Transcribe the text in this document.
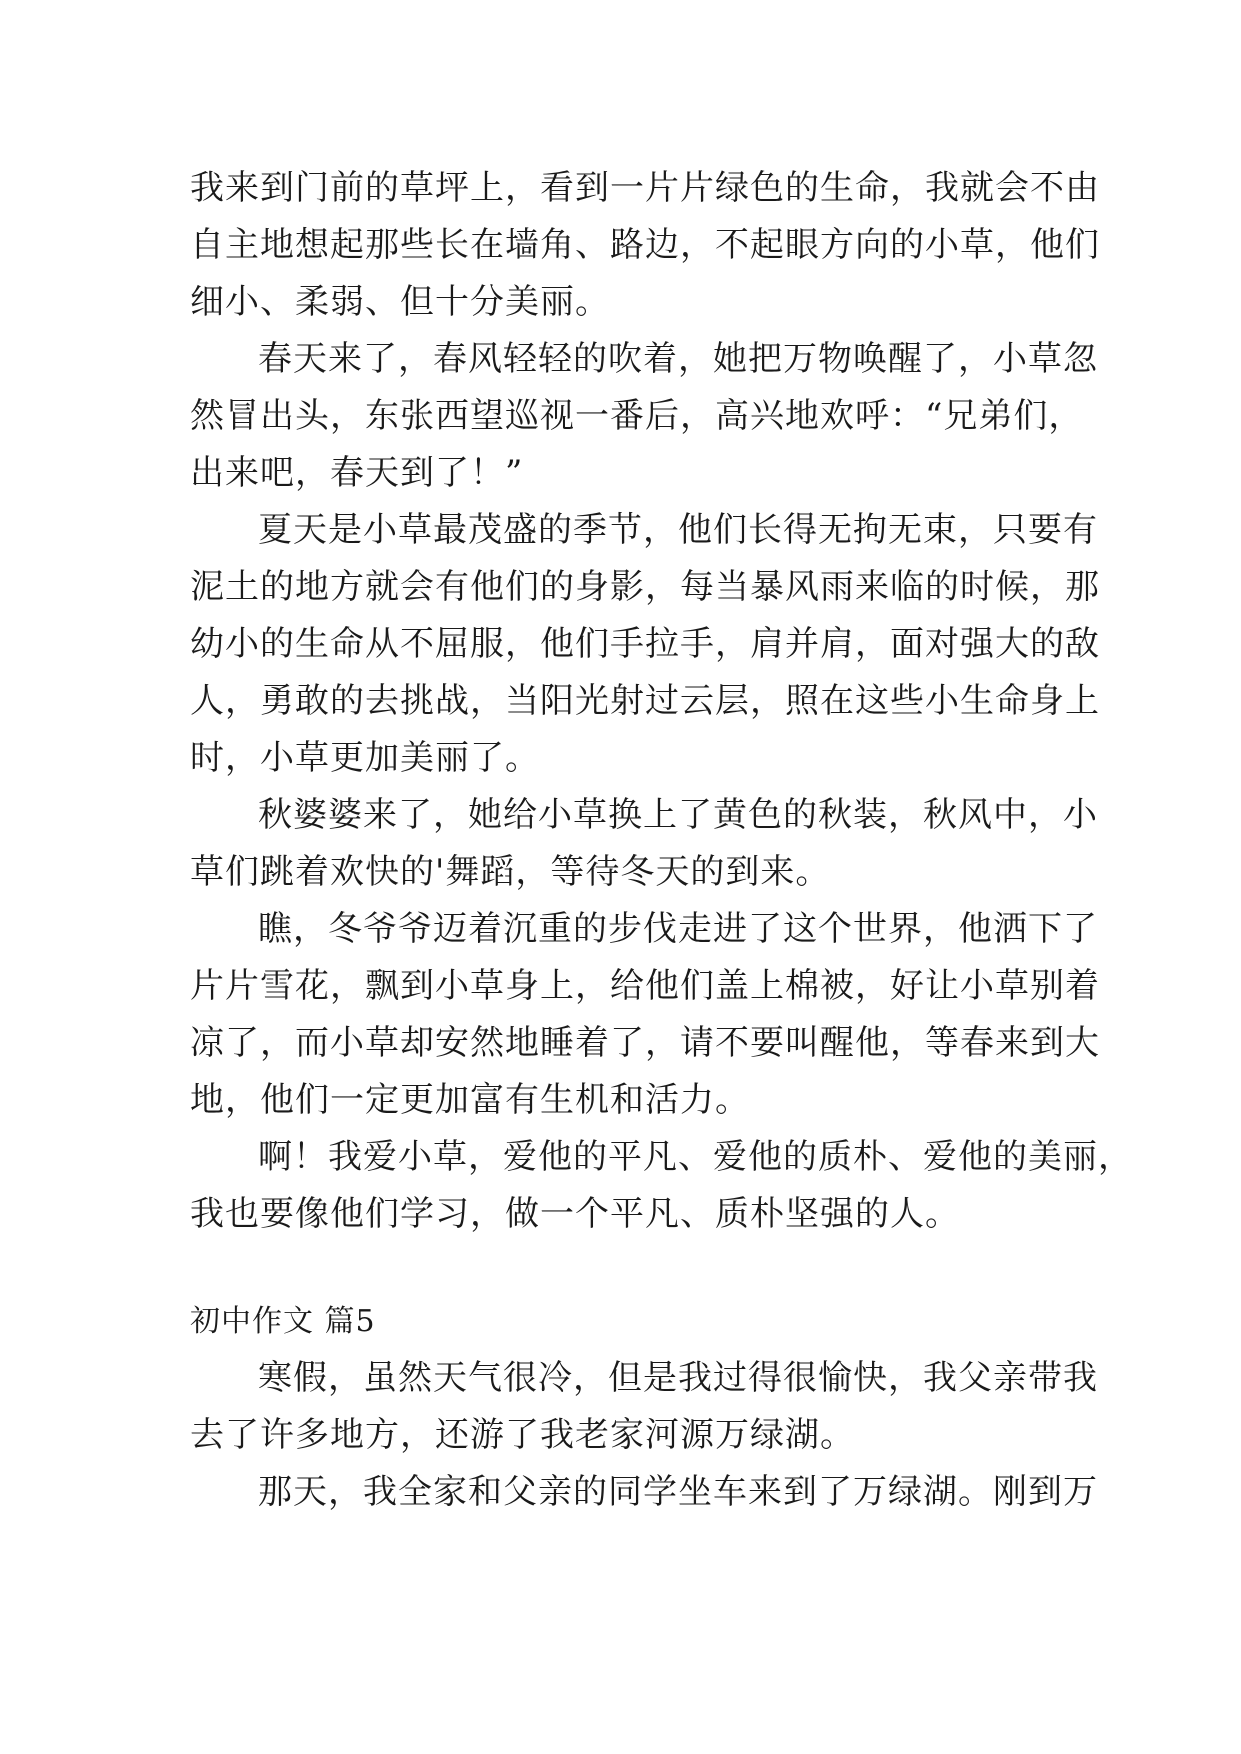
我来到门前的草坪上，看到一片片绿色的生命，我就会不由
自主地想起那些长在墙角、路边，不起眼方向的小草，他们
细小、柔弱、但十分美丽。
春天来了，春风轻轻的吹着，她把万物唤醒了，小草忽
然冒出头，东张西望巡视一番后，高兴地欢呼：“兄弟们，
出来吧，春天到了！”
夏天是小草最茂盛的季节，他们长得无拘无束，只要有
泥土的地方就会有他们的身影，每当暴风雨来临的时候，那
幼小的生命从不屈服，他们手拉手，肩并肩，面对强大的敌
人，勇敢的去挑战，当阳光射过云层，照在这些小生命身上
时，小草更加美丽了。
秋婆婆来了，她给小草换上了黄色的秋装，秋风中，小
草们跳着欢快的'舞蹈，等待冬天的到来。
瞧，冬爷爷迈着沉重的步伐走进了这个世界，他洒下了
片片雪花，飘到小草身上，给他们盖上棉被，好让小草别着
凉了，而小草却安然地睡着了，请不要叫醒他，等春来到大
地，他们一定更加富有生机和活力。
啊！我爱小草，爱他的平凡、爱他的质朴、爱他的美丽，
我也要像他们学习，做一个平凡、质朴坚强的人。
初中作文 篇5
寒假，虽然天气很冷，但是我过得很愉快，我父亲带我
去了许多地方，还游了我老家河源万绿湖。
那天，我全家和父亲的同学坐车来到了万绿湖。刚到万
